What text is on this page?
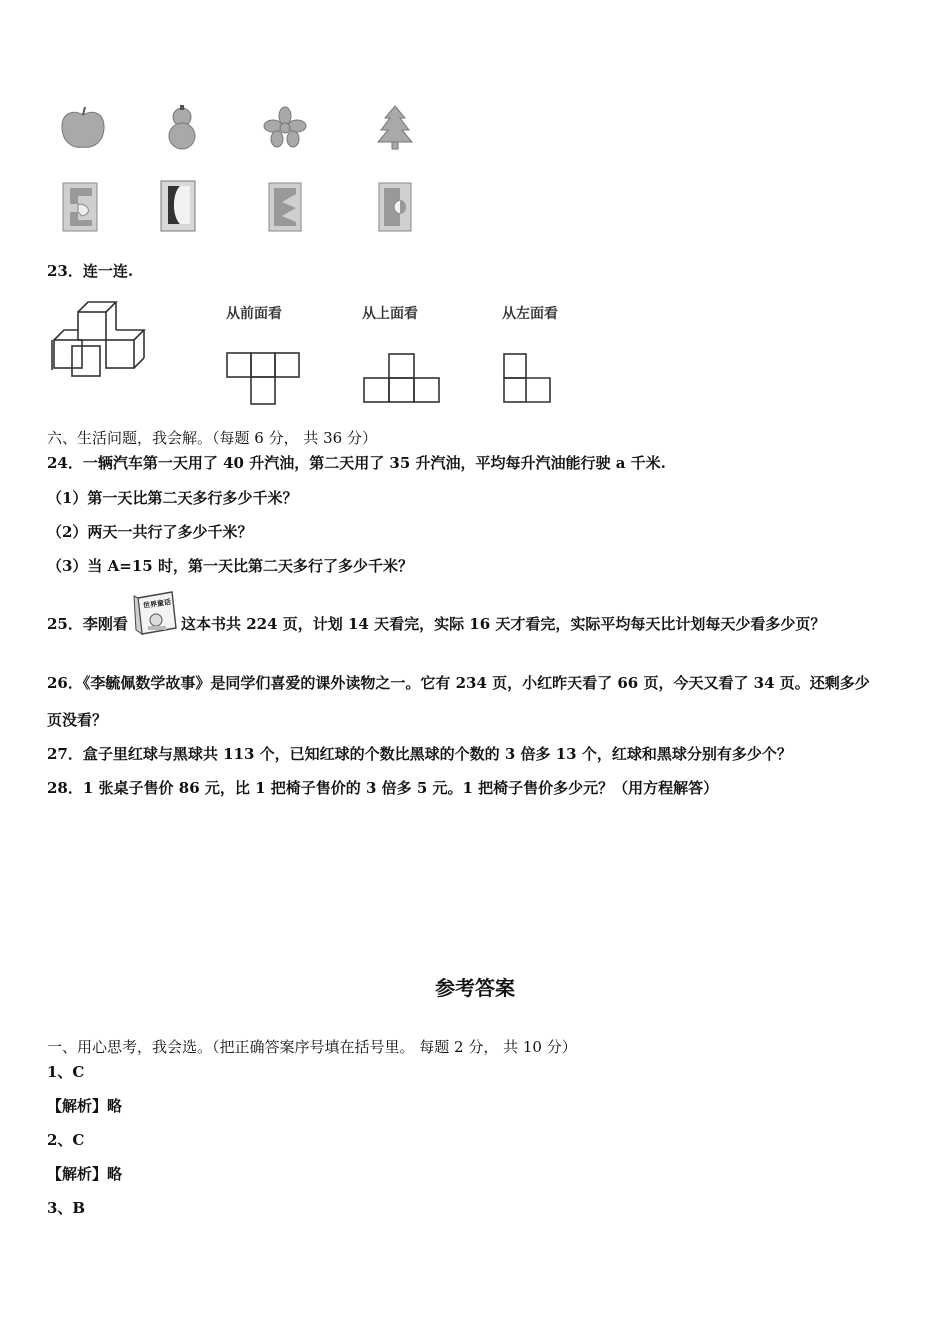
23．连一连.
从前面看	从上面看	从左面看
六、生活问题，我会解。（每题 6 分， 共 36 分）
24．一辆汽车第一天用了 40 升汽油，第二天用了 35 升汽油，平均每升汽油能行驶 a 千米.
（1）第一天比第二天多行多少千米？
（2）两天一共行了多少千米？
（3）当 A=15 时，第一天比第二天多行了多少千米？
25．李刚看
世界童话
这本书共 224 页，计划 14 天看完，实际 16 天才看完，实际平均每天比计划每天少看多少页？
26．《李毓佩数学故事》是同学们喜爱的课外读物之一。它有 234 页，小红昨天看了 66 页，今天又看了 34 页。还剩多少
页没看？
27．盒子里红球与黑球共 113 个，已知红球的个数比黑球的个数的 3 倍多 13 个，红球和黑球分别有多少个？
28．1 张桌子售价 86 元，比 1 把椅子售价的 3 倍多 5 元。1 把椅子售价多少元？（用方程解答）
参考答案
一、用心思考，我会选。（把正确答案序号填在括号里。 每题 2 分， 共 10 分）
1、C
【解析】略
2、C
【解析】略
3、B
